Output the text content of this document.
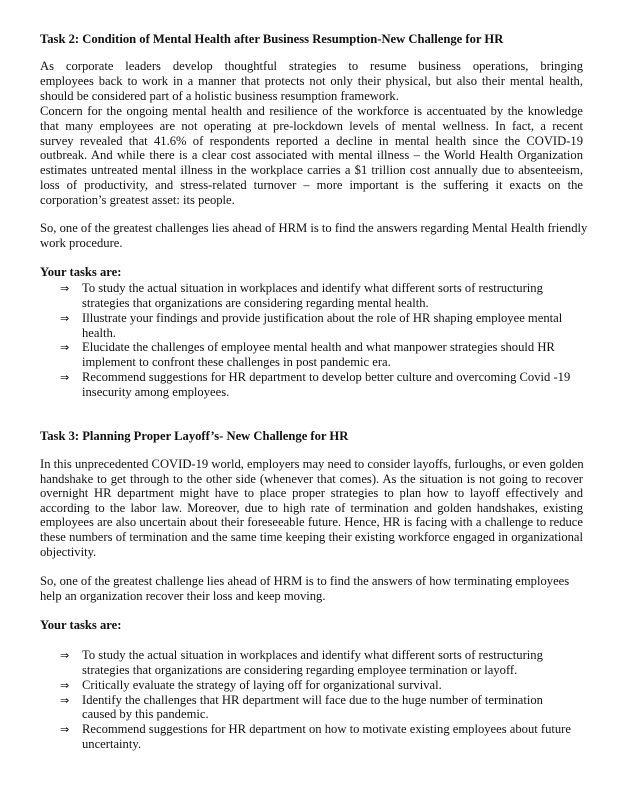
Task 2: Condition of Mental Health after Business Resumption-New Challenge for HR
As corporate leaders develop thoughtful strategies to resume business operations, bringing
employees back to work in a manner that protects not only their physical, but also their mental health,
should be considered part of a holistic business resumption framework.
Concern for the ongoing mental health and resilience of the workforce is accentuated by the knowledge
that many employees are not operating at pre-lockdown levels of mental wellness. In fact, a recent
survey revealed that 41.6% of respondents reported a decline in mental health since the COVID-19
outbreak. And while there is a clear cost associated with mental illness – the World Health Organization
estimates untreated mental illness in the workplace carries a $1 trillion cost annually due to absenteeism,
loss of productivity, and stress-related turnover – more important is the suffering it exacts on the
corporation’s greatest asset: its people.
So, one of the greatest challenges lies ahead of HRM is to find the answers regarding Mental Health friendly
work procedure.
Your tasks are:
⇒	To study the actual situation in workplaces and identify what different sorts of restructuring
strategies that organizations are considering regarding mental health.
⇒	Illustrate your findings and provide justification about the role of HR shaping employee mental
health.
⇒	Elucidate the challenges of employee mental health and what manpower strategies should HR
implement to confront these challenges in post pandemic era.
⇒	Recommend suggestions for HR department to develop better culture and overcoming Covid -19
insecurity among employees.
Task 3: Planning Proper Layoff’s- New Challenge for HR
In this unprecedented COVID-19 world, employers may need to consider layoffs, furloughs, or even golden
handshake to get through to the other side (whenever that comes). As the situation is not going to recover
overnight HR department might have to place proper strategies to plan how to layoff effectively and
according to the labor law. Moreover, due to high rate of termination and golden handshakes, existing
employees are also uncertain about their foreseeable future. Hence, HR is facing with a challenge to reduce
these numbers of termination and the same time keeping their existing workforce engaged in organizational
objectivity.
So, one of the greatest challenge lies ahead of HRM is to find the answers of how terminating employees
help an organization recover their loss and keep moving.
Your tasks are:
⇒	To study the actual situation in workplaces and identify what different sorts of restructuring
strategies that organizations are considering regarding employee termination or layoff.
⇒	Critically evaluate the strategy of laying off for organizational survival.
⇒	Identify the challenges that HR department will face due to the huge number of termination
caused by this pandemic.
⇒	Recommend suggestions for HR department on how to motivate existing employees about future
uncertainty.
